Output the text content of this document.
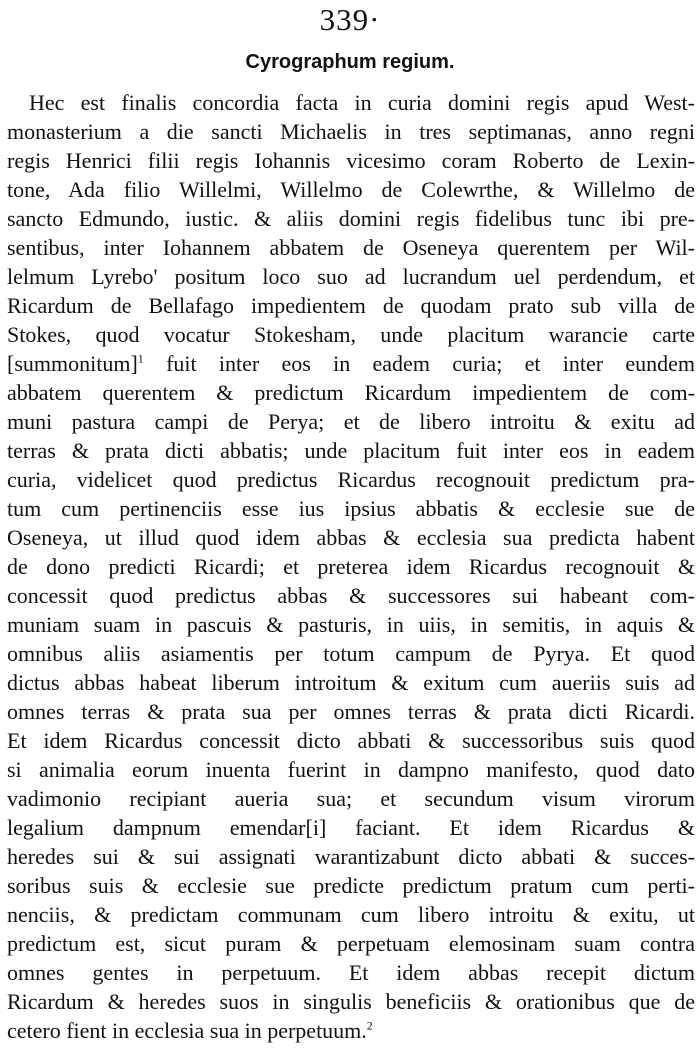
339·
Cyrographum regium.
Hec est finalis concordia facta in curia domini regis apud West-
monasterium a die sancti Michaelis in tres septimanas, anno regni
regis Henrici filii regis Iohannis vicesimo coram Roberto de Lexin-
tone, Ada filio Willelmi, Willelmo de Colewrthe, & Willelmo de
sancto Edmundo, iustic. & aliis domini regis fidelibus tunc ibi pre-
sentibus, inter Iohannem abbatem de Oseneya querentem per Wil-
lelmum Lyrebo' positum loco suo ad lucrandum uel perdendum, et
Ricardum de Bellafago impedientem de quodam prato sub villa de
Stokes, quod vocatur Stokesham, unde placitum warancie carte
[summonitum]$^1$ fuit inter eos in eadem curia; et inter eundem
abbatem querentem & predictum Ricardum impedientem de com-
muni pastura campi de Perya; et de libero introitu & exitu ad
terras & prata dicti abbatis; unde placitum fuit inter eos in eadem
curia, videlicet quod predictus Ricardus recognouit predictum pra-
tum cum pertinenciis esse ius ipsius abbatis & ecclesie sue de
Oseneya, ut illud quod idem abbas & ecclesia sua predicta habent
de dono predicti Ricardi; et preterea idem Ricardus recognouit &
concessit quod predictus abbas & successores sui habeant com-
muniam suam in pascuis & pasturis, in uiis, in semitis, in aquis &
omnibus aliis asiamentis per totum campum de Pyrya. Et quod
dictus abbas habeat liberum introitum & exitum cum aueriis suis ad
omnes terras & prata sua per omnes terras & prata dicti Ricardi.
Et idem Ricardus concessit dicto abbati & successoribus suis quod
si animalia eorum inuenta fuerint in dampno manifesto, quod dato
vadimonio recipiant aueria sua; et secundum visum virorum
legalium dampnum emendar[i] faciant. Et idem Ricardus &
heredes sui & sui assignati warantizabunt dicto abbati & succes-
soribus suis & ecclesie sue predicte predictum pratum cum perti-
nenciis, & predictam communam cum libero introitu & exitu, ut
predictum est, sicut puram & perpetuam elemosinam suam contra
omnes gentes in perpetuum. Et idem abbas recepit dictum
Ricardum & heredes suos in singulis beneficiis & orationibus que de
cetero fient in ecclesia sua in perpetuum.$^2$
